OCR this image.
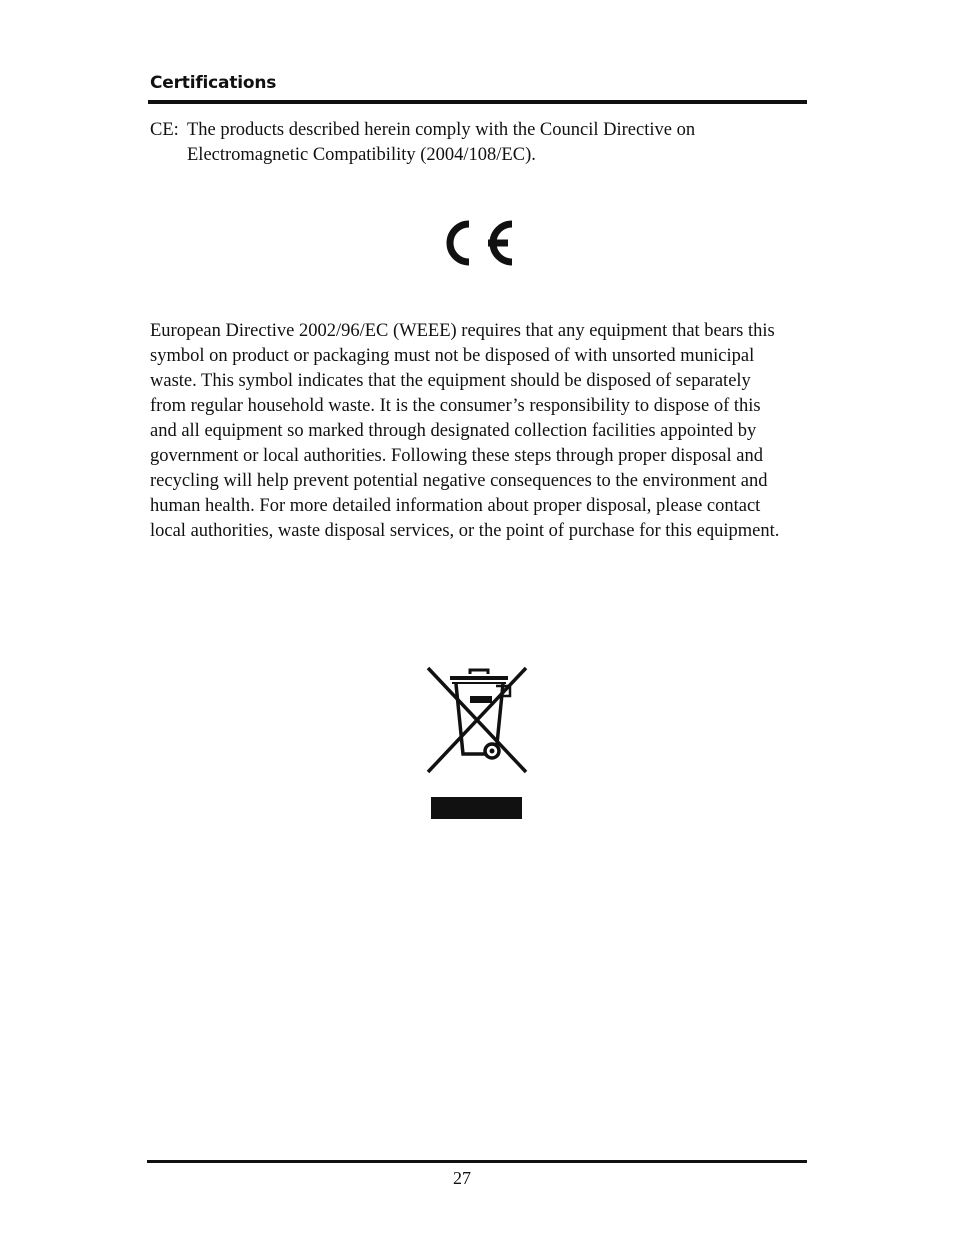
Certifications
CE: The products described herein comply with the Council Directive on
Electromagnetic Compatibility (2004/108/EC).
European Directive 2002/96/EC (WEEE) requires that any equipment that bears this
symbol on product or packaging must not be disposed of with unsorted municipal
waste. This symbol indicates that the equipment should be disposed of separately
from regular household waste. It is the consumer’s responsibility to dispose of this
and all equipment so marked through designated collection facilities appointed by
government or local authorities. Following these steps through proper disposal and
recycling will help prevent potential negative consequences to the environment and
human health. For more detailed information about proper disposal, please contact
local authorities, waste disposal services, or the point of purchase for this equipment.
27
